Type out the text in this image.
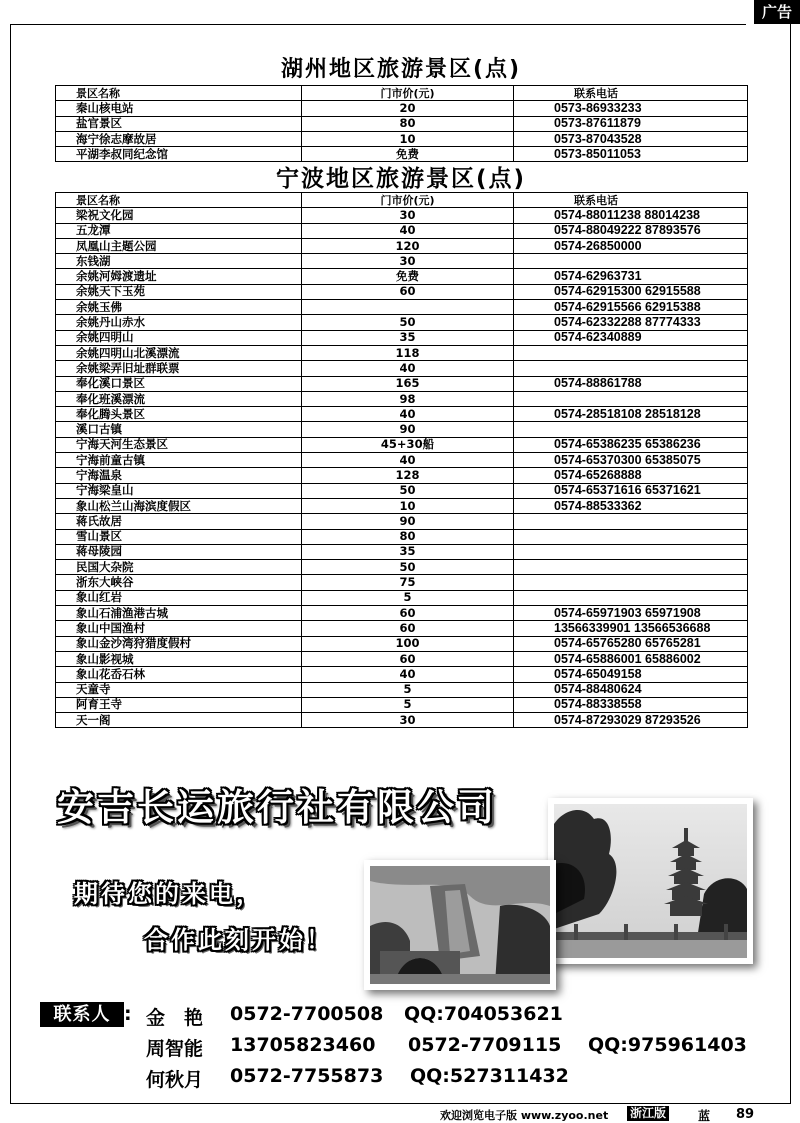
广告
湖州地区旅游景区(点)
景区名称	门市价(元)	联系电话
秦山核电站	20	0573-86933233
盐官景区	80	0573-87611879
海宁徐志摩故居	10	0573-87043528
平湖李叔同纪念馆	免费	0573-85011053
宁波地区旅游景区(点)
景区名称	门市价(元)	联系电话
梁祝文化园	30	0574-88011238 88014238
五龙潭	40	0574-88049222 87893576
凤凰山主题公园	120	0574-26850000
东钱湖	30	
余姚河姆渡遗址	免费	0574-62963731
余姚天下玉苑	60	0574-62915300 62915588
余姚玉佛		0574-62915566 62915388
余姚丹山赤水	50	0574-62332288 87774333
余姚四明山	35	0574-62340889
余姚四明山北溪漂流	118	
余姚梁弄旧址群联票	40	
奉化溪口景区	165	0574-88861788
奉化班溪漂流	98	
奉化腾头景区	40	0574-28518108 28518128
溪口古镇	90	
宁海天河生态景区	45+30船	0574-65386235 65386236
宁海前童古镇	40	0574-65370300 65385075
宁海温泉	128	0574-65268888
宁海梁皇山	50	0574-65371616 65371621
象山松兰山海滨度假区	10	0574-88533362
蒋氏故居	90	
雪山景区	80	
蒋母陵园	35	
民国大杂院	50	
浙东大峡谷	75	
象山红岩	5	
象山石浦渔港古城	60	0574-65971903 65971908
象山中国渔村	60	13566339901 13566536688
象山金沙湾狩猎度假村	100	0574-65765280 65765281
象山影视城	60	0574-65886001 65886002
象山花岙石林	40	0574-65049158
天童寺	5	0574-88480624
阿育王寺	5	0574-88338558
天一阁	30	0574-87293029 87293526
安吉长运旅行社有限公司
期待您的来电，
合作此刻开始！
联系人 : 金　艳 0572-7700508 QQ:704053621
周智能 13705823460 0572-7709115 QQ:975961403
何秋月 0572-7755873 QQ:527311432
欢迎浏览电子版 www.zyoo.net 浙江版	蓝 89
